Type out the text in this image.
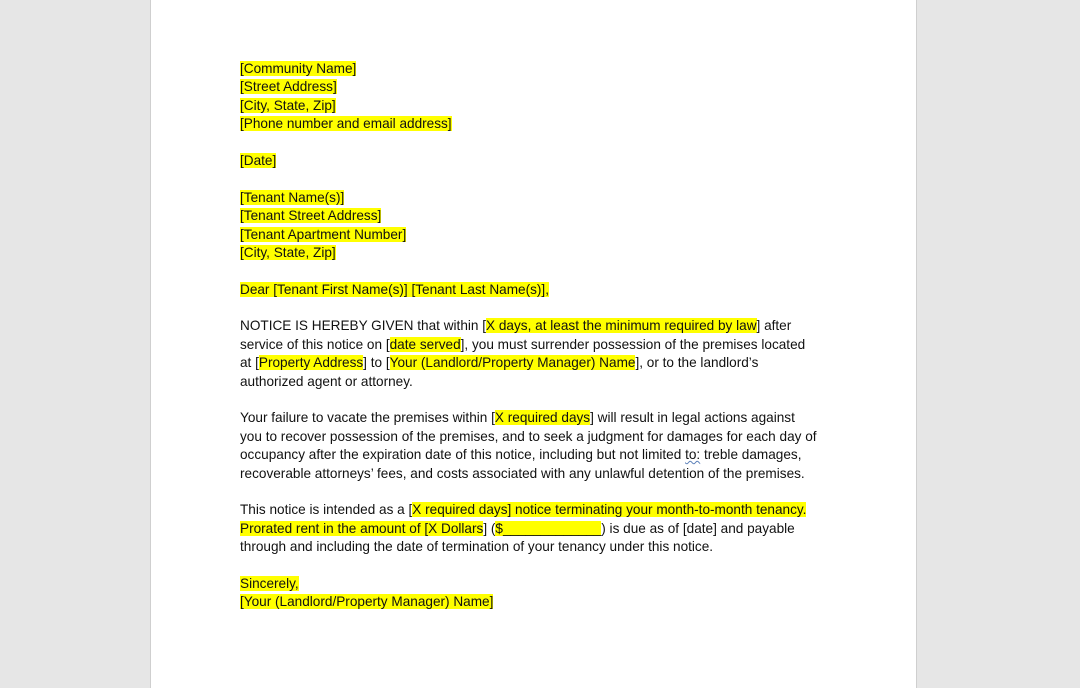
[Community Name]
[Street Address]
[City, State, Zip]
[Phone number and email address]
[Date]
[Tenant Name(s)]
[Tenant Street Address]
[Tenant Apartment Number]
[City, State, Zip]
Dear [Tenant First Name(s)] [Tenant Last Name(s)],
NOTICE IS HEREBY GIVEN that within [X days, at least the minimum required by law] after
service of this notice on [date served], you must surrender possession of the premises located
at [Property Address] to [Your (Landlord/Property Manager) Name], or to the landlord’s
authorized agent or attorney.
Your failure to vacate the premises within [X required days] will result in legal actions against
you to recover possession of the premises, and to seek a judgment for damages for each day of
occupancy after the expiration date of this notice, including but not limited to: treble damages,
recoverable attorneys’ fees, and costs associated with any unlawful detention of the premises.
This notice is intended as a [X required days] notice terminating your month-to-month tenancy.
Prorated rent in the amount of [X Dollars] ($_____________) is due as of [date] and payable
through and including the date of termination of your tenancy under this notice.
Sincerely,
[Your (Landlord/Property Manager) Name]
